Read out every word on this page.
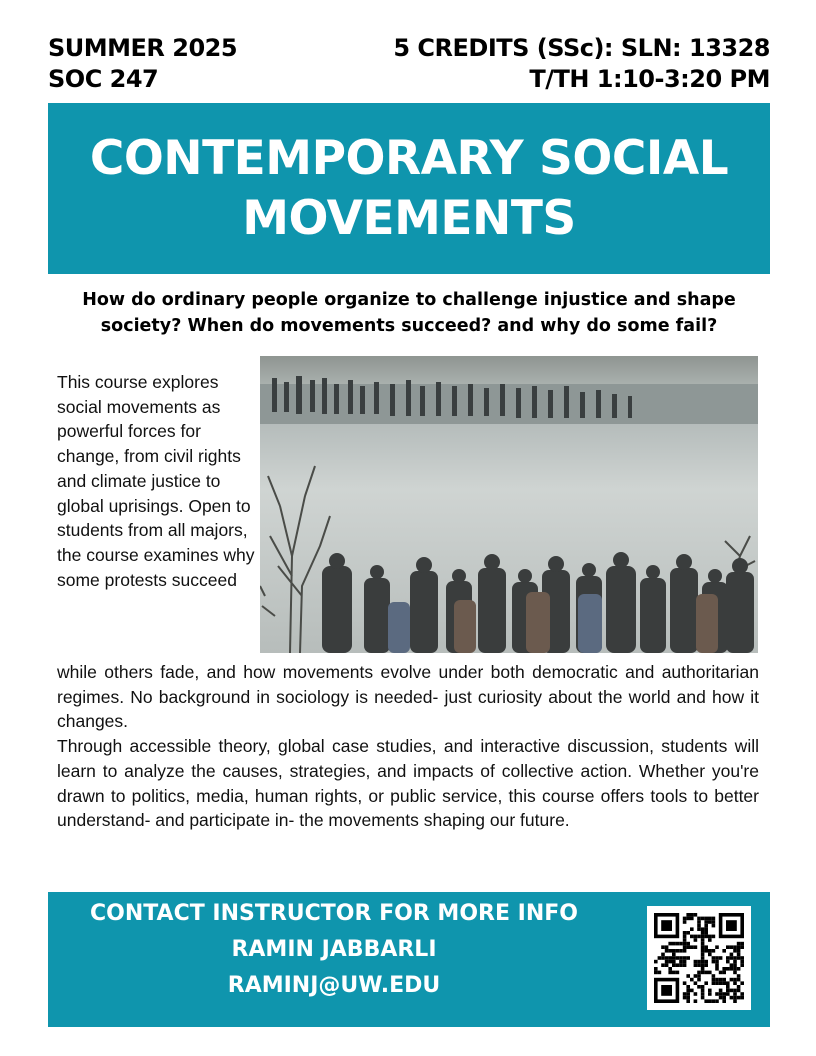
SUMMER 2025
SOC 247
5 CREDITS (SSc): SLN: 13328
T/TH 1:10-3:20 PM
CONTEMPORARY SOCIAL MOVEMENTS
How do ordinary people organize to challenge injustice and shape society? When do movements succeed? and why do some fail?
This course explores social movements as powerful forces for change, from civil rights and climate justice to global uprisings. Open to students from all majors, the course examines why some protests succeed

while others fade, and how movements evolve under both democratic and authoritarian regimes. No background in sociology is needed- just curiosity about the world and how it changes.

Through accessible theory, global case studies, and interactive discussion, students will learn to analyze the causes, strategies, and impacts of collective action. Whether you're drawn to politics, media, human rights, or public service, this course offers tools to better understand- and participate in- the movements shaping our future.

CONTACT INSTRUCTOR FOR MORE INFO
RAMIN JABBARLI
RAMINJ@UW.EDU
